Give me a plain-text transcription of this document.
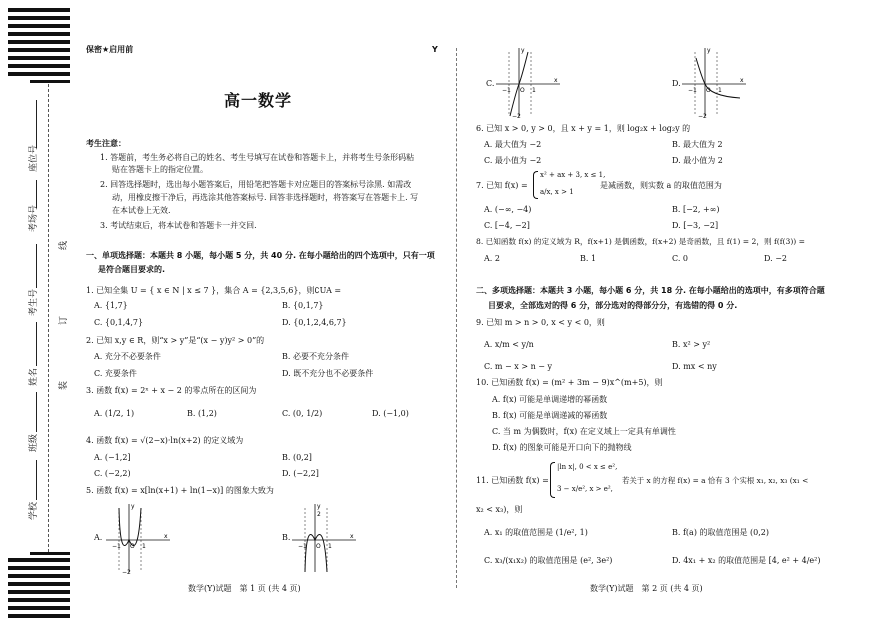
座位号
考场号
考生号
姓名
班级
学校
线
订
装
保密★启用前	Y
高一数学
考生注意：
1. 答题前，考生务必将自己的姓名、考生号填写在试卷和答题卡上，并将考生号条形码粘
贴在答题卡上的指定位置。
2. 回答选择题时，选出每小题答案后，用铅笔把答题卡对应题目的答案标号涂黑. 如需改
动，用橡皮擦干净后，再选涂其他答案标号. 回答非选择题时，将答案写在答题卡上. 写
在本试卷上无效.
3. 考试结束后，将本试卷和答题卡一并交回.
一、单项选择题：本题共 8 小题，每小题 5 分，共 40 分. 在每小题给出的四个选项中，只有一项
是符合题目要求的.
1. 已知全集 U = { x ∈ N | x ≤ 7 }，集合 A = {2,3,5,6}，则∁UA =
A. {1,7}	B. {0,1,7}
C. {0,1,4,7}	D. {0,1,2,4,6,7}
2. 已知 x,y ∈ R，则“x > y”是“(x − y)y² > 0”的
A. 充分不必要条件	B. 必要不充分条件
C. 充要条件	D. 既不充分也不必要条件
3. 函数 f(x) = 2ˣ + x − 2 的零点所在的区间为
A. (1/2, 1)	B. (1,2)	C. (0, 1/2)	D. (−1,0)
4. 函数 f(x) = √(2−x)·ln(x+2) 的定义域为
A. (−1,2]	B. (0,2]
C. (−2,2)	D. (−2,2]
5. 函数 f(x) = x[ln(x+1) + ln(1−x)] 的图象大致为
A.
y
x
−1 O 1
−2
B.
y
x
−1 O 1
2
数学(Y)试题　第 1 页 (共 4 页)
C.
y
x
−1 O 1
−2
D.
y
x
−1 O 1
−2
6. 已知 x > 0, y > 0，且 x + y = 1，则 log₂x + log₂y 的
A. 最大值为 −2	B. 最大值为 2
C. 最小值为 −2	D. 最小值为 2
7. 已知 f(x) =
x² + ax + 3, x ≤ 1,
a/x, x > 1
是减函数，则实数 a 的取值范围为
A. (−∞, −4)	B. [−2, +∞)
C. [−4, −2]	D. [−3, −2]
8. 已知函数 f(x) 的定义域为 R，f(x+1) 是偶函数，f(x+2) 是奇函数，且 f(1) = 2，则 f(f(3)) =
A. 2	B. 1	C. 0	D. −2
二、多项选择题：本题共 3 小题，每小题 6 分，共 18 分. 在每小题给出的选项中，有多项符合题
目要求，全部选对的得 6 分，部分选对的得部分分，有选错的得 0 分.
9. 已知 m > n > 0, x < y < 0，则
A. x/m < y/n	B. x² > y²
C. m − x > n − y	D. mx < ny
10. 已知函数 f(x) = (m² + 3m − 9)x^(m+5)，则
A. f(x) 可能是单调递增的幂函数
B. f(x) 可能是单调递减的幂函数
C. 当 m 为偶数时，f(x) 在定义域上一定具有单调性
D. f(x) 的图象可能是开口向下的抛物线
11. 已知函数 f(x) =
|ln x|, 0 < x ≤ e²,
3 − x/e², x > e²,
若关于 x 的方程 f(x) = a 恰有 3 个实根 x₁, x₂, x₃ (x₁ <
x₂ < x₃)，则
A. x₁ 的取值范围是 (1/e², 1)	B. f(a) 的取值范围是 (0,2)
C. x₃/(x₁x₂) 的取值范围是 (e², 3e²)	D. 4x₁ + x₂ 的取值范围是 [4, e² + 4/e²)
数学(Y)试题　第 2 页 (共 4 页)
